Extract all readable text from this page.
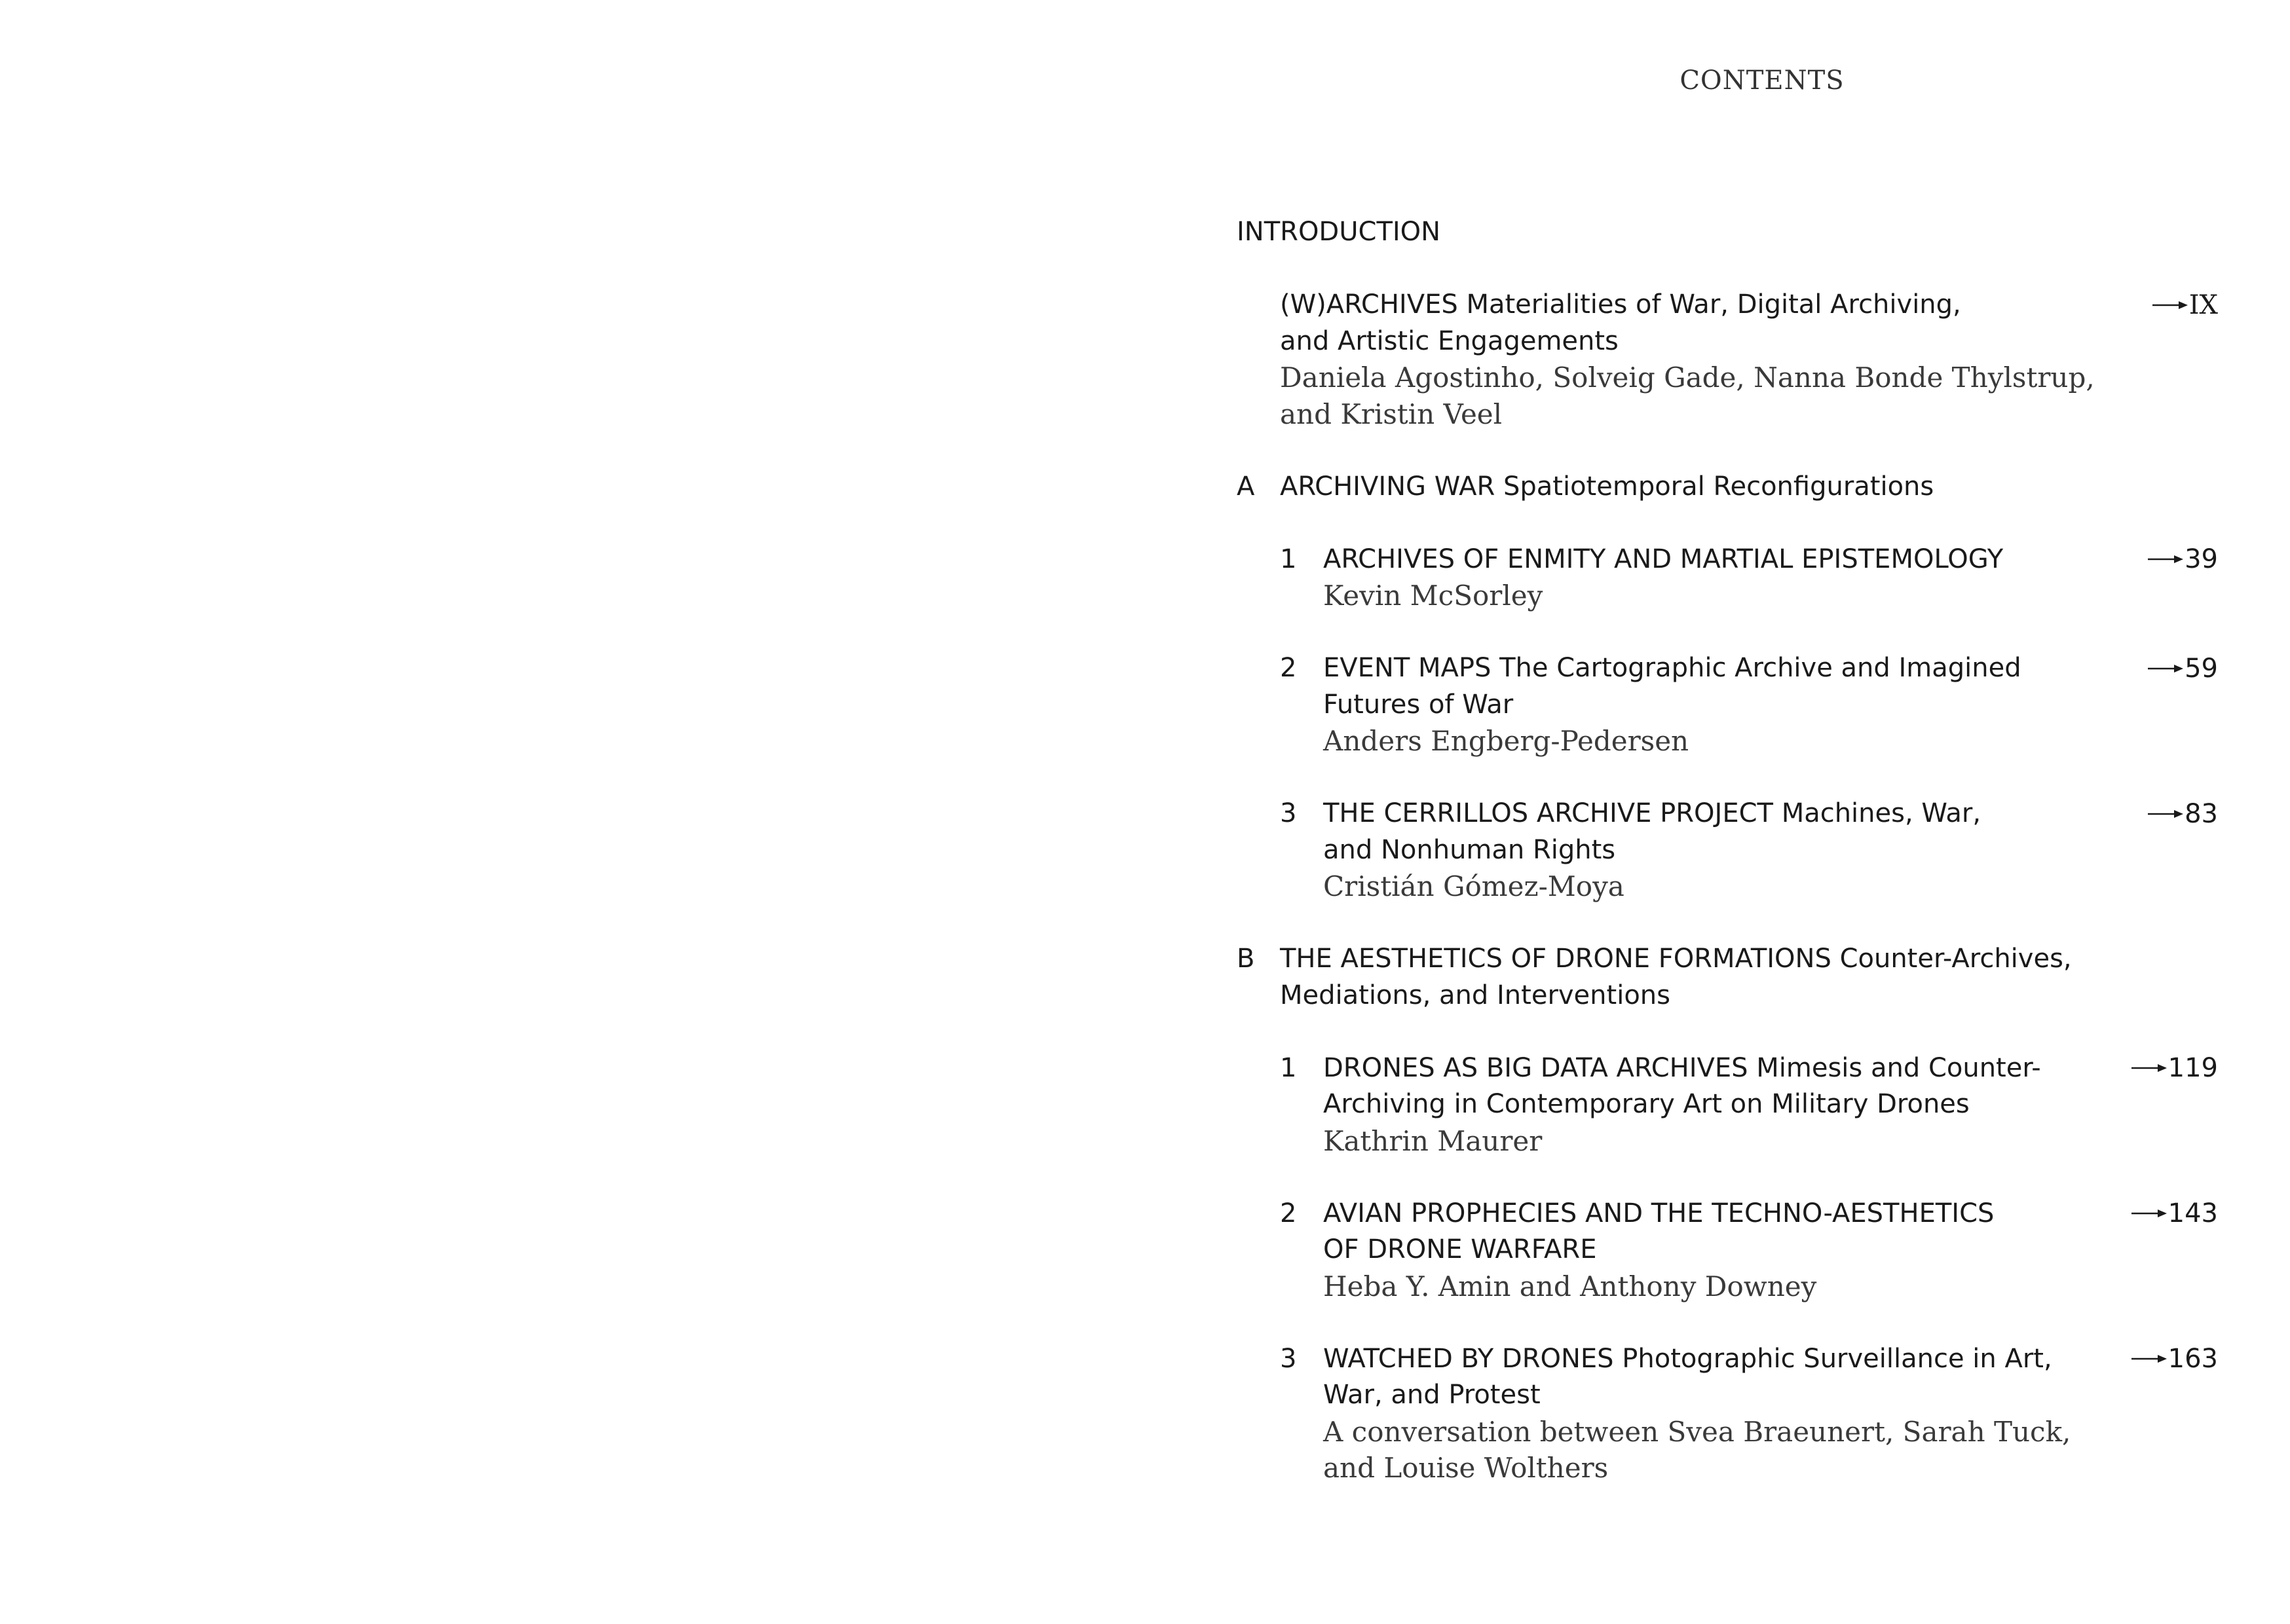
CONTENTS
INTRODUCTION
(W)ARCHIVES Materialities of War, Digital Archiving,
and Artistic Engagements
Daniela Agostinho, Solveig Gade, Nanna Bonde Thylstrup,
and Kristin Veel
IX
A ARCHIVING WAR Spatiotemporal Reconfigurations
1 ARCHIVES OF ENMITY AND MARTIAL EPISTEMOLOGY
Kevin McSorley
39
2 EVENT MAPS The Cartographic Archive and Imagined
Futures of War
Anders Engberg-Pedersen
59
3 THE CERRILLOS ARCHIVE PROJECT Machines, War,
and Nonhuman Rights
Cristián Gómez-Moya
83
B THE AESTHETICS OF DRONE FORMATIONS Counter-Archives,
Mediations, and Interventions
1 DRONES AS BIG DATA ARCHIVES Mimesis and Counter-
Archiving in Contemporary Art on Military Drones
Kathrin Maurer
119
2 AVIAN PROPHECIES AND THE TECHNO-AESTHETICS
OF DRONE WARFARE
Heba Y. Amin and Anthony Downey
143
3 WATCHED BY DRONES Photographic Surveillance in Art,
War, and Protest
A conversation between Svea Braeunert, Sarah Tuck,
and Louise Wolthers
163
